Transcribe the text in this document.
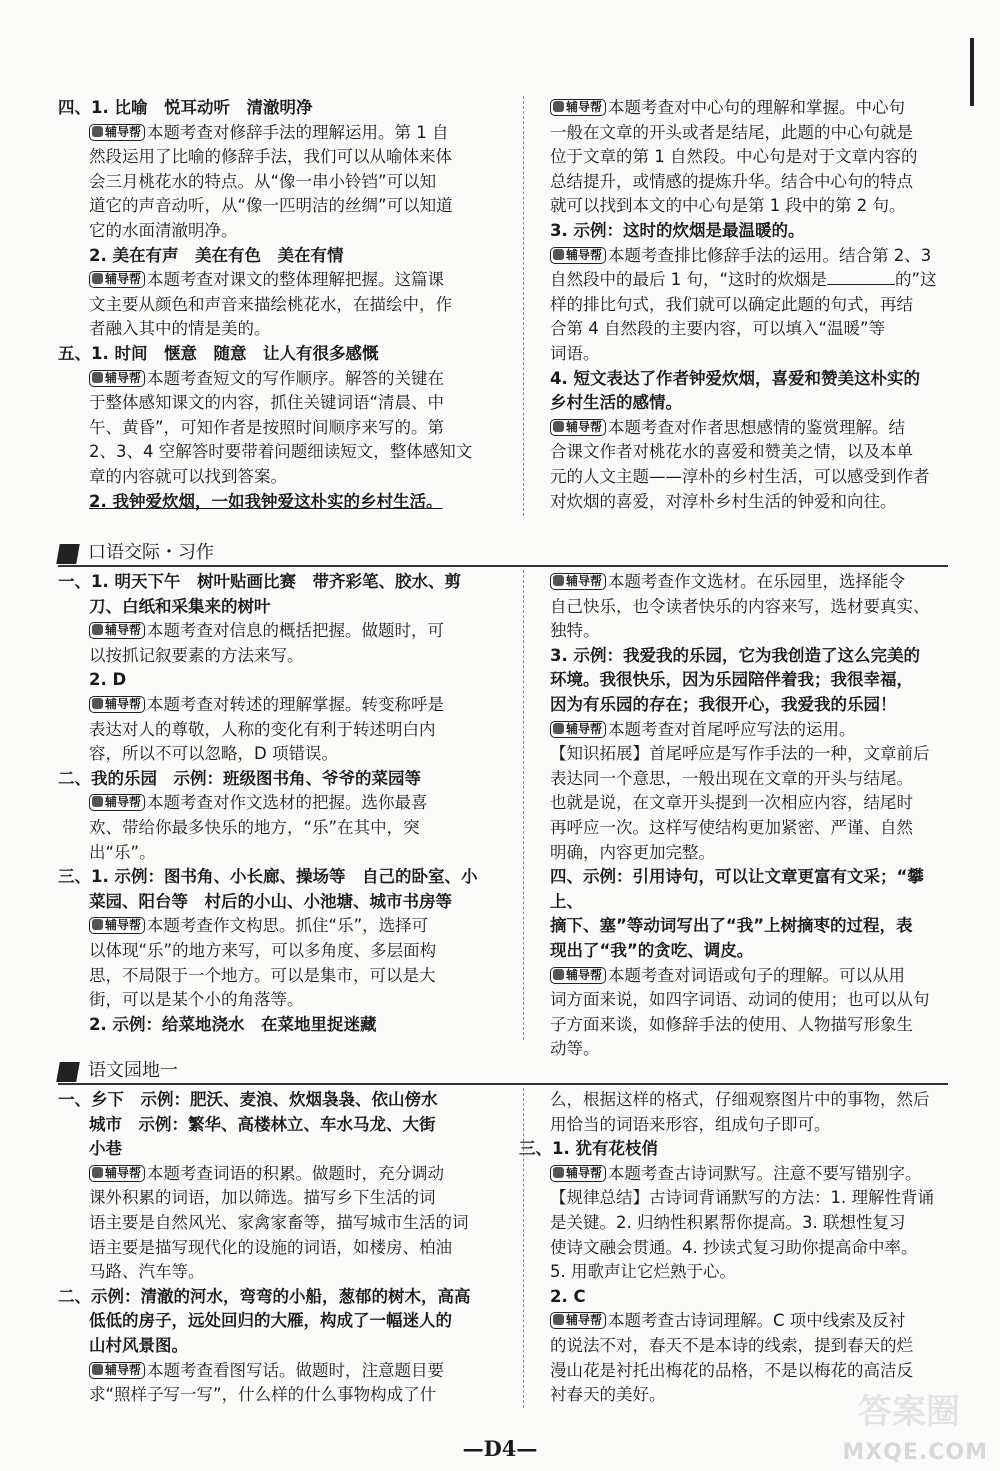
四、1. 比喻　悦耳动听　清澈明净

辅导帮 本题考查对修辞手法的理解运用。第 1 自

然段运用了比喻的修辞手法，我们可以从喻体来体

会三月桃花水的特点。从“像一串小铃铛”可以知

道它的声音动听，从“像一匹明洁的丝绸”可以知道

它的水面清澈明净。

2. 美在有声　美在有色　美在有情

辅导帮 本题考查对课文的整体理解把握。这篇课

文主要从颜色和声音来描绘桃花水，在描绘中，作

者融入其中的情是美的。

五、1. 时间　惬意　随意　让人有很多感慨

辅导帮 本题考查短文的写作顺序。解答的关键在

于整体感知课文的内容，抓住关键词语“清晨、中

午、黄昏”，可知作者是按照时间顺序来写的。第

2、3、4 空解答时要带着问题细读短文，整体感知文

章的内容就可以找到答案。

2. 我钟爱炊烟，一如我钟爱这朴实的乡村生活。

辅导帮 本题考查对中心句的理解和掌握。中心句

一般在文章的开头或者是结尾，此题的中心句就是

位于文章的第 1 自然段。中心句是对于文章内容的

总结提升，或情感的提炼升华。结合中心句的特点

就可以找到本文的中心句是第 1 段中的第 2 句。

3. 示例：这时的炊烟是最温暖的。

辅导帮 本题考查排比修辞手法的运用。结合第 2、3

自然段中的最后 1 句，“这时的炊烟是	的”这

样的排比句式，我们就可以确定此题的句式，再结

合第 4 自然段的主要内容，可以填入“温暖”等

词语。

4. 短文表达了作者钟爱炊烟，喜爱和赞美这朴实的

乡村生活的感情。

辅导帮 本题考查对作者思想感情的鉴赏理解。结

合课文作者对桃花水的喜爱和赞美之情，以及本单

元的人文主题——淳朴的乡村生活，可以感受到作者

对炊烟的喜爱，对淳朴乡村生活的钟爱和向往。

口语交际・习作

一、1. 明天下午　树叶贴画比赛　带齐彩笔、胶水、剪

刀、白纸和采集来的树叶

辅导帮 本题考查对信息的概括把握。做题时，可

以按抓记叙要素的方法来写。

2. D

辅导帮 本题考查对转述的理解掌握。转变称呼是

表达对人的尊敬，人称的变化有利于转述明白内

容，所以不可以忽略，D 项错误。

二、我的乐园　示例：班级图书角、爷爷的菜园等

辅导帮 本题考查对作文选材的把握。选你最喜

欢、带给你最多快乐的地方，“乐”在其中，突

出“乐”。

三、1. 示例：图书角、小长廊、操场等　自己的卧室、小

菜园、阳台等　村后的小山、小池塘、城市书房等

辅导帮 本题考查作文构思。抓住“乐”，选择可

以体现“乐”的地方来写，可以多角度、多层面构

思，不局限于一个地方。可以是集市，可以是大

街，可以是某个小的角落等。

2. 示例：给菜地浇水　在菜地里捉迷藏

辅导帮 本题考查作文选材。在乐园里，选择能令

自己快乐，也令读者快乐的内容来写，选材要真实、

独特。

3. 示例：我爱我的乐园，它为我创造了这么完美的

环境。我很快乐，因为乐园陪伴着我；我很幸福，

因为有乐园的存在；我很开心，我爱我的乐园！

辅导帮 本题考查对首尾呼应写法的运用。

【知识拓展】首尾呼应是写作手法的一种，文章前后

表达同一个意思，一般出现在文章的开头与结尾。

也就是说，在文章开头提到一次相应内容，结尾时

再呼应一次。这样写使结构更加紧密、严谨、自然

明确，内容更加完整。

四、示例：引用诗句，可以让文章更富有文采；“攀上、

摘下、塞”等动词写出了“我”上树摘枣的过程，表

现出了“我”的贪吃、调皮。

辅导帮 本题考查对词语或句子的理解。可以从用

词方面来说，如四字词语、动词的使用；也可以从句

子方面来谈，如修辞手法的使用、人物描写形象生

动等。

语文园地一

一、乡下　示例：肥沃、麦浪、炊烟袅袅、依山傍水

城市　示例：繁华、高楼林立、车水马龙、大街

小巷

辅导帮 本题考查词语的积累。做题时，充分调动

课外积累的词语，加以筛选。描写乡下生活的词

语主要是自然风光、家禽家畜等，描写城市生活的词

语主要是描写现代化的设施的词语，如楼房、柏油

马路、汽车等。

二、示例：清澈的河水，弯弯的小船，葱郁的树木，高高

低低的房子，远处回归的大雁，构成了一幅迷人的

山村风景图。

辅导帮 本题考查看图写话。做题时，注意题目要

求“照样子写一写”，什么样的什么事物构成了什

么，根据这样的格式，仔细观察图片中的事物，然后

用恰当的词语来形容，组成句子即可。

三、1. 犹有花枝俏

辅导帮 本题考查古诗词默写。注意不要写错别字。

【规律总结】古诗词背诵默写的方法：1. 理解性背诵

是关键。2. 归纳性积累帮你提高。3. 联想性复习

使诗文融会贯通。4. 抄读式复习助你提高命中率。

5. 用歌声让它烂熟于心。

2. C

辅导帮 本题考查古诗词理解。C 项中线索及反衬

的说法不对，春天不是本诗的线索，提到春天的烂

漫山花是衬托出梅花的品格，不是以梅花的高洁反

衬春天的美好。

—D4—
答案圈
MXQE.COM
